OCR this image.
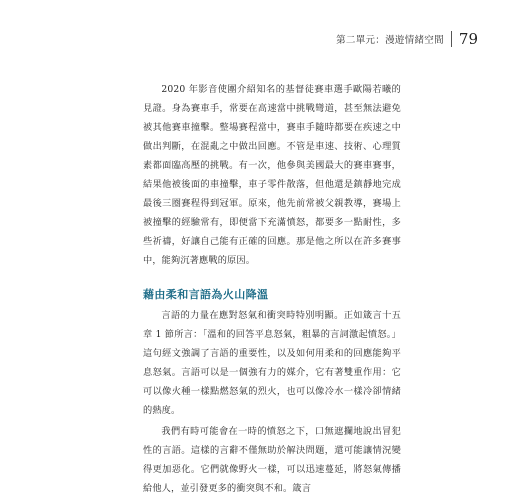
第二單元：漫遊情緒空間 79

2020 年影音使團介紹知名的基督徒賽車選手歐陽若曦的見證。身為賽車手，常要在高速當中挑戰彎道，甚至無法避免被其他賽車撞擊。整場賽程當中，賽車手隨時都要在疾速之中做出判斷，在混亂之中做出回應。不管是車速、技術、心理質素都面臨高壓的挑戰。有一次，他參與美國最大的賽車賽事，結果他被後面的車撞擊，車子零件散落，但他還是鎮靜地完成最後三圈賽程得到冠軍。原來，他先前常被父親教導，賽場上被撞擊的經驗常有，即便當下充滿憤怒，都要多一點耐性，多些祈禱，好讓自己能有正確的回應。那是他之所以在許多賽事中，能夠沉著應戰的原因。

藉由柔和言語為火山降溫

言語的力量在應對怒氣和衝突時特別明顯。正如箴言十五章 1 節所言：「溫和的回答平息怒氣，粗暴的言詞激起憤怒。」這句經文強調了言語的重要性，以及如何用柔和的回應能夠平息怒氣。言語可以是一個強有力的媒介，它有著雙重作用：它可以像火種一樣點燃怒氣的烈火，也可以像冷水一樣冷卻情緒的熱度。

我們有時可能會在一時的憤怒之下，口無遮攔地說出冒犯性的言語。這樣的言辭不僅無助於解決問題，還可能讓情況變得更加惡化。它們就像野火一樣，可以迅速蔓延，將怒氣傳播給他人，並引發更多的衝突與不和。箴言
